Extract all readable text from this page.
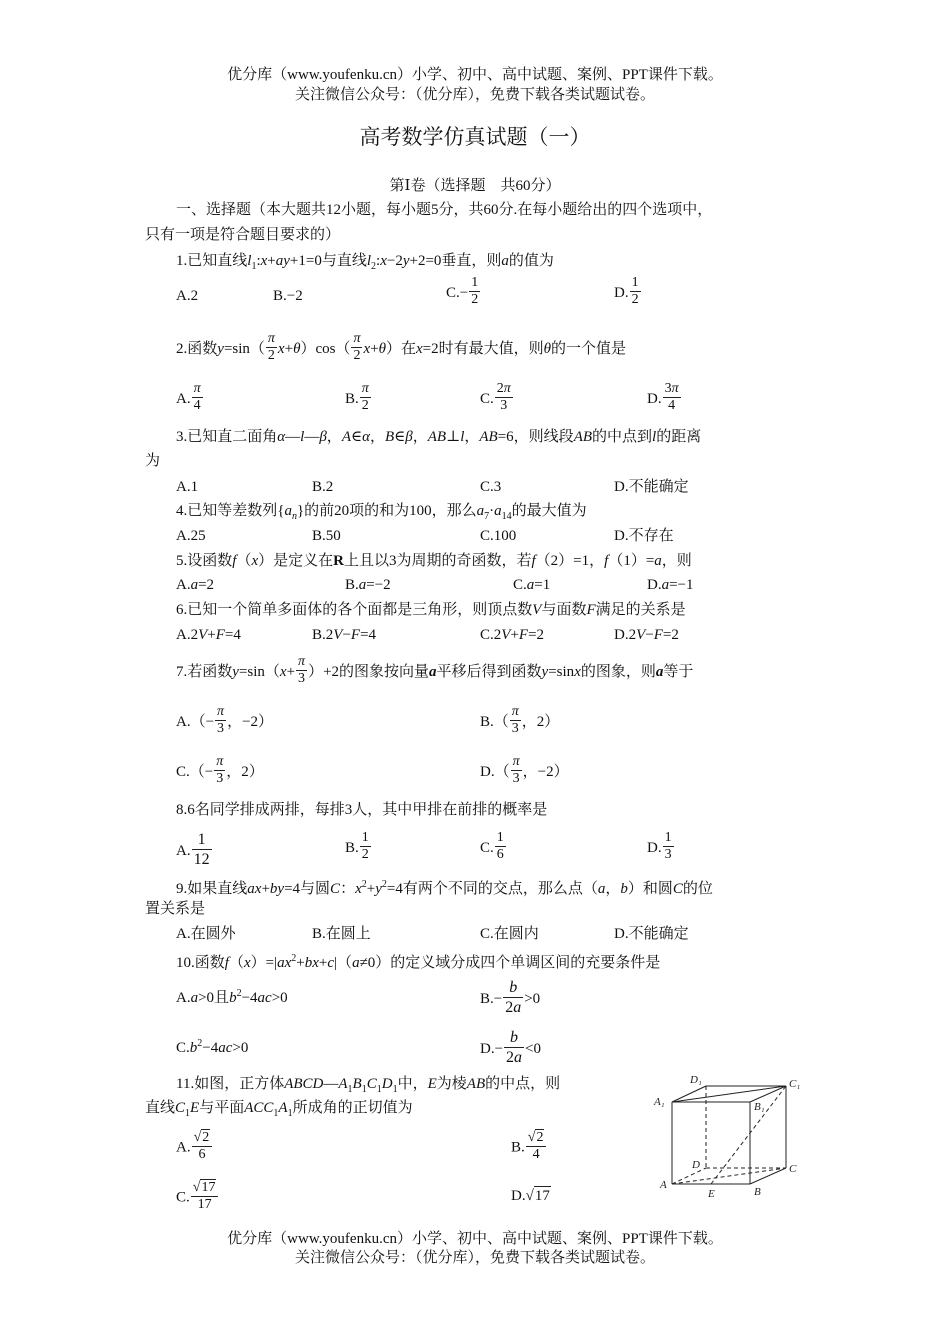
优分库（www.youfenku.cn）小学、初中、高中试题、案例、PPT课件下载。
关注微信公众号：（优分库），免费下载各类试题试卷。
高考数学仿真试题（一）
第Ⅰ卷（选择题　共60分）
一、选择题（本大题共12小题，每小题5分，共60分.在每小题给出的四个选项中，
只有一项是符合题目要求的）
1.已知直线$l_1:x+ay+1=0$与直线$l_2:x-2y+2=0$垂直，则a的值为
A.2	B.−2	$C.- \frac{1}{2}$	D. $\frac{1}{2}$
2.函数$y=\sin( \frac{\pi}{2} x+\theta)\cos( \frac{\pi}{2} x+\theta)$在x=2时有最大值，则θ的一个值是
A. $\frac{\pi}{4}$	B. $\frac{\pi}{2}$	C. $\frac{2\pi}{3}$	D. $\frac{3\pi}{4}$
3.已知直二面角α—l—β，A∈α，B∈β，AB⊥l，AB=6，则线段AB的中点到l的距离
为
A.1	B.2	C.3	D.不能确定
4.已知等差数列$\{a_n\}$的前20项的和为100，那么$a_7\cdot a_{14}$的最大值为
A.25	B.50	C.100	D.不存在
5.设函数f（x）是定义在R上且以3为周期的奇函数，若f（2）=1，f（1）=a，则
A.a=2	B.a=−2	C.a=1	D.a=−1
6.已知一个简单多面体的各个面都是三角形，则顶点数V与面数F满足的关系是
A.2V+F=4	B.2V−F=4	C.2V+F=2	D.2V−F=2
7.若函数$y=\sin(x+ \frac{\pi}{3} )+2$的图象按向量a平移后得到函数y=sinx的图象，则a等于
$A.(- \frac{\pi}{3}$ ，−2）	$B.( \frac{\pi}{3}$ ，2）
$C.(- \frac{\pi}{3}$ ，2）	$D.( \frac{\pi}{3}$ ，−2）
8.6名同学排成两排，每排3人，其中甲排在前排的概率是
A. $\frac{1}{12}$	B. $\frac{1}{2}$	C. $\frac{1}{6}$	D. $\frac{1}{3}$
9.如果直线ax+by=4与圆C：$x^2+y^2=4$有两个不同的交点，那么点（a，b）和圆C的位
置关系是
A.在圆外	B.在圆上	C.在圆内	D.不能确定
10.函数$f(x)=|ax^2+bx+c|(a\ne 0)$的定义域分成四个单调区间的充要条件是
A.a>0且$b^2-4ac>0$	$B.- \frac{b}{2a} >0$
$C.b^2-4ac>0$	$D.- \frac{b}{2a} <0$
11.如图，正方体$ABCD—A_1B_1C_1D_1$中，E为棱AB的中点，则
直线$C_1E$与平面$ACC_1A_1$所成角的正切值为
A. $\frac{√2}{6}$	B. $\frac{√2}{4}$
C. $\frac{√17}{17}$	D.√17
D₁	C₁
A₁	B₁
D	C
A
E	B
优分库（www.youfenku.cn）小学、初中、高中试题、案例、PPT课件下载。
关注微信公众号：（优分库），免费下载各类试题试卷。
